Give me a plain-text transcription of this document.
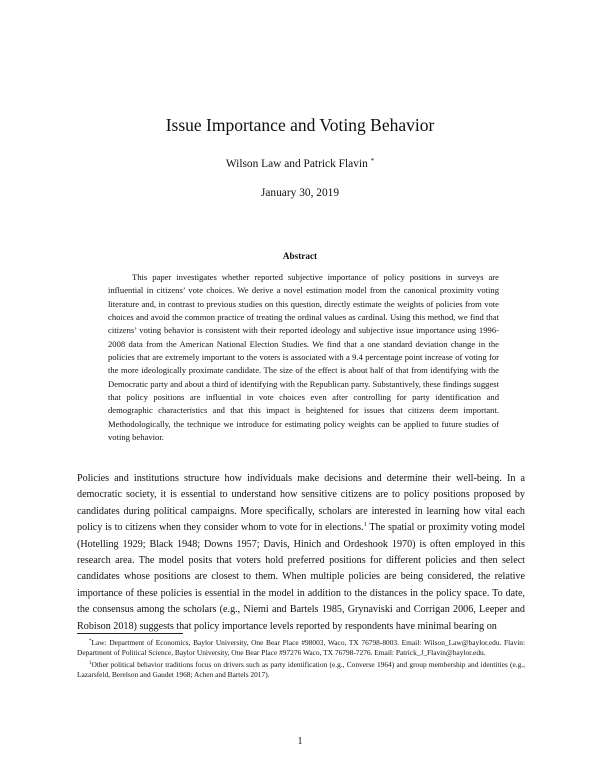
Issue Importance and Voting Behavior
Wilson Law and Patrick Flavin *
January 30, 2019
Abstract
This paper investigates whether reported subjective importance of policy positions in surveys are influential in citizens’ vote choices. We derive a novel estimation model from the canonical proximity voting literature and, in contrast to previous studies on this question, directly estimate the weights of policies from vote choices and avoid the common practice of treating the ordinal values as cardinal. Using this method, we find that citizens’ voting behavior is consistent with their reported ideology and subjective issue importance using 1996-2008 data from the American National Election Studies. We find that a one standard deviation change in the policies that are extremely important to the voters is associated with a 9.4 percentage point increase of voting for the more ideologically proximate candidate. The size of the effect is about half of that from identifying with the Democratic party and about a third of identifying with the Republican party. Substantively, these findings suggest that policy positions are influential in vote choices even after controlling for party identification and demographic characteristics and that this impact is heightened for issues that citizens deem important. Methodologically, the technique we introduce for estimating policy weights can be applied to future studies of voting behavior.
Policies and institutions structure how individuals make decisions and determine their well-being. In a democratic society, it is essential to understand how sensitive citizens are to policy positions proposed by candidates during political campaigns. More specifically, scholars are interested in learning how vital each policy is to citizens when they consider whom to vote for in elections.$^1$ The spatial or proximity voting model (Hotelling 1929; Black 1948; Downs 1957; Davis, Hinich and Ordeshook 1970) is often employed in this research area. The model posits that voters hold preferred positions for different policies and then select candidates whose positions are closest to them. When multiple policies are being considered, the relative importance of these policies is essential in the model in addition to the distances in the policy space. To date, the consensus among the scholars (e.g., Niemi and Bartels 1985, Grynaviski and Corrigan 2006, Leeper and Robison 2018) suggests that policy importance levels reported by respondents have minimal bearing on

*Law: Department of Economics, Baylor University, One Bear Place #98003, Waco, TX 76798-8003. Email: Wilson_Law@baylor.edu. Flavin: Department of Political Science, Baylor University, One Bear Place #97276 Waco, TX 76798-7276. Email: Patrick_J_Flavin@baylor.edu.

$^1$Other political behavior traditions focus on drivers such as party identification (e.g., Converse 1964) and group membership and identities (e.g., Lazarsfeld, Berelson and Gaudet 1968; Achen and Bartels 2017).

1
